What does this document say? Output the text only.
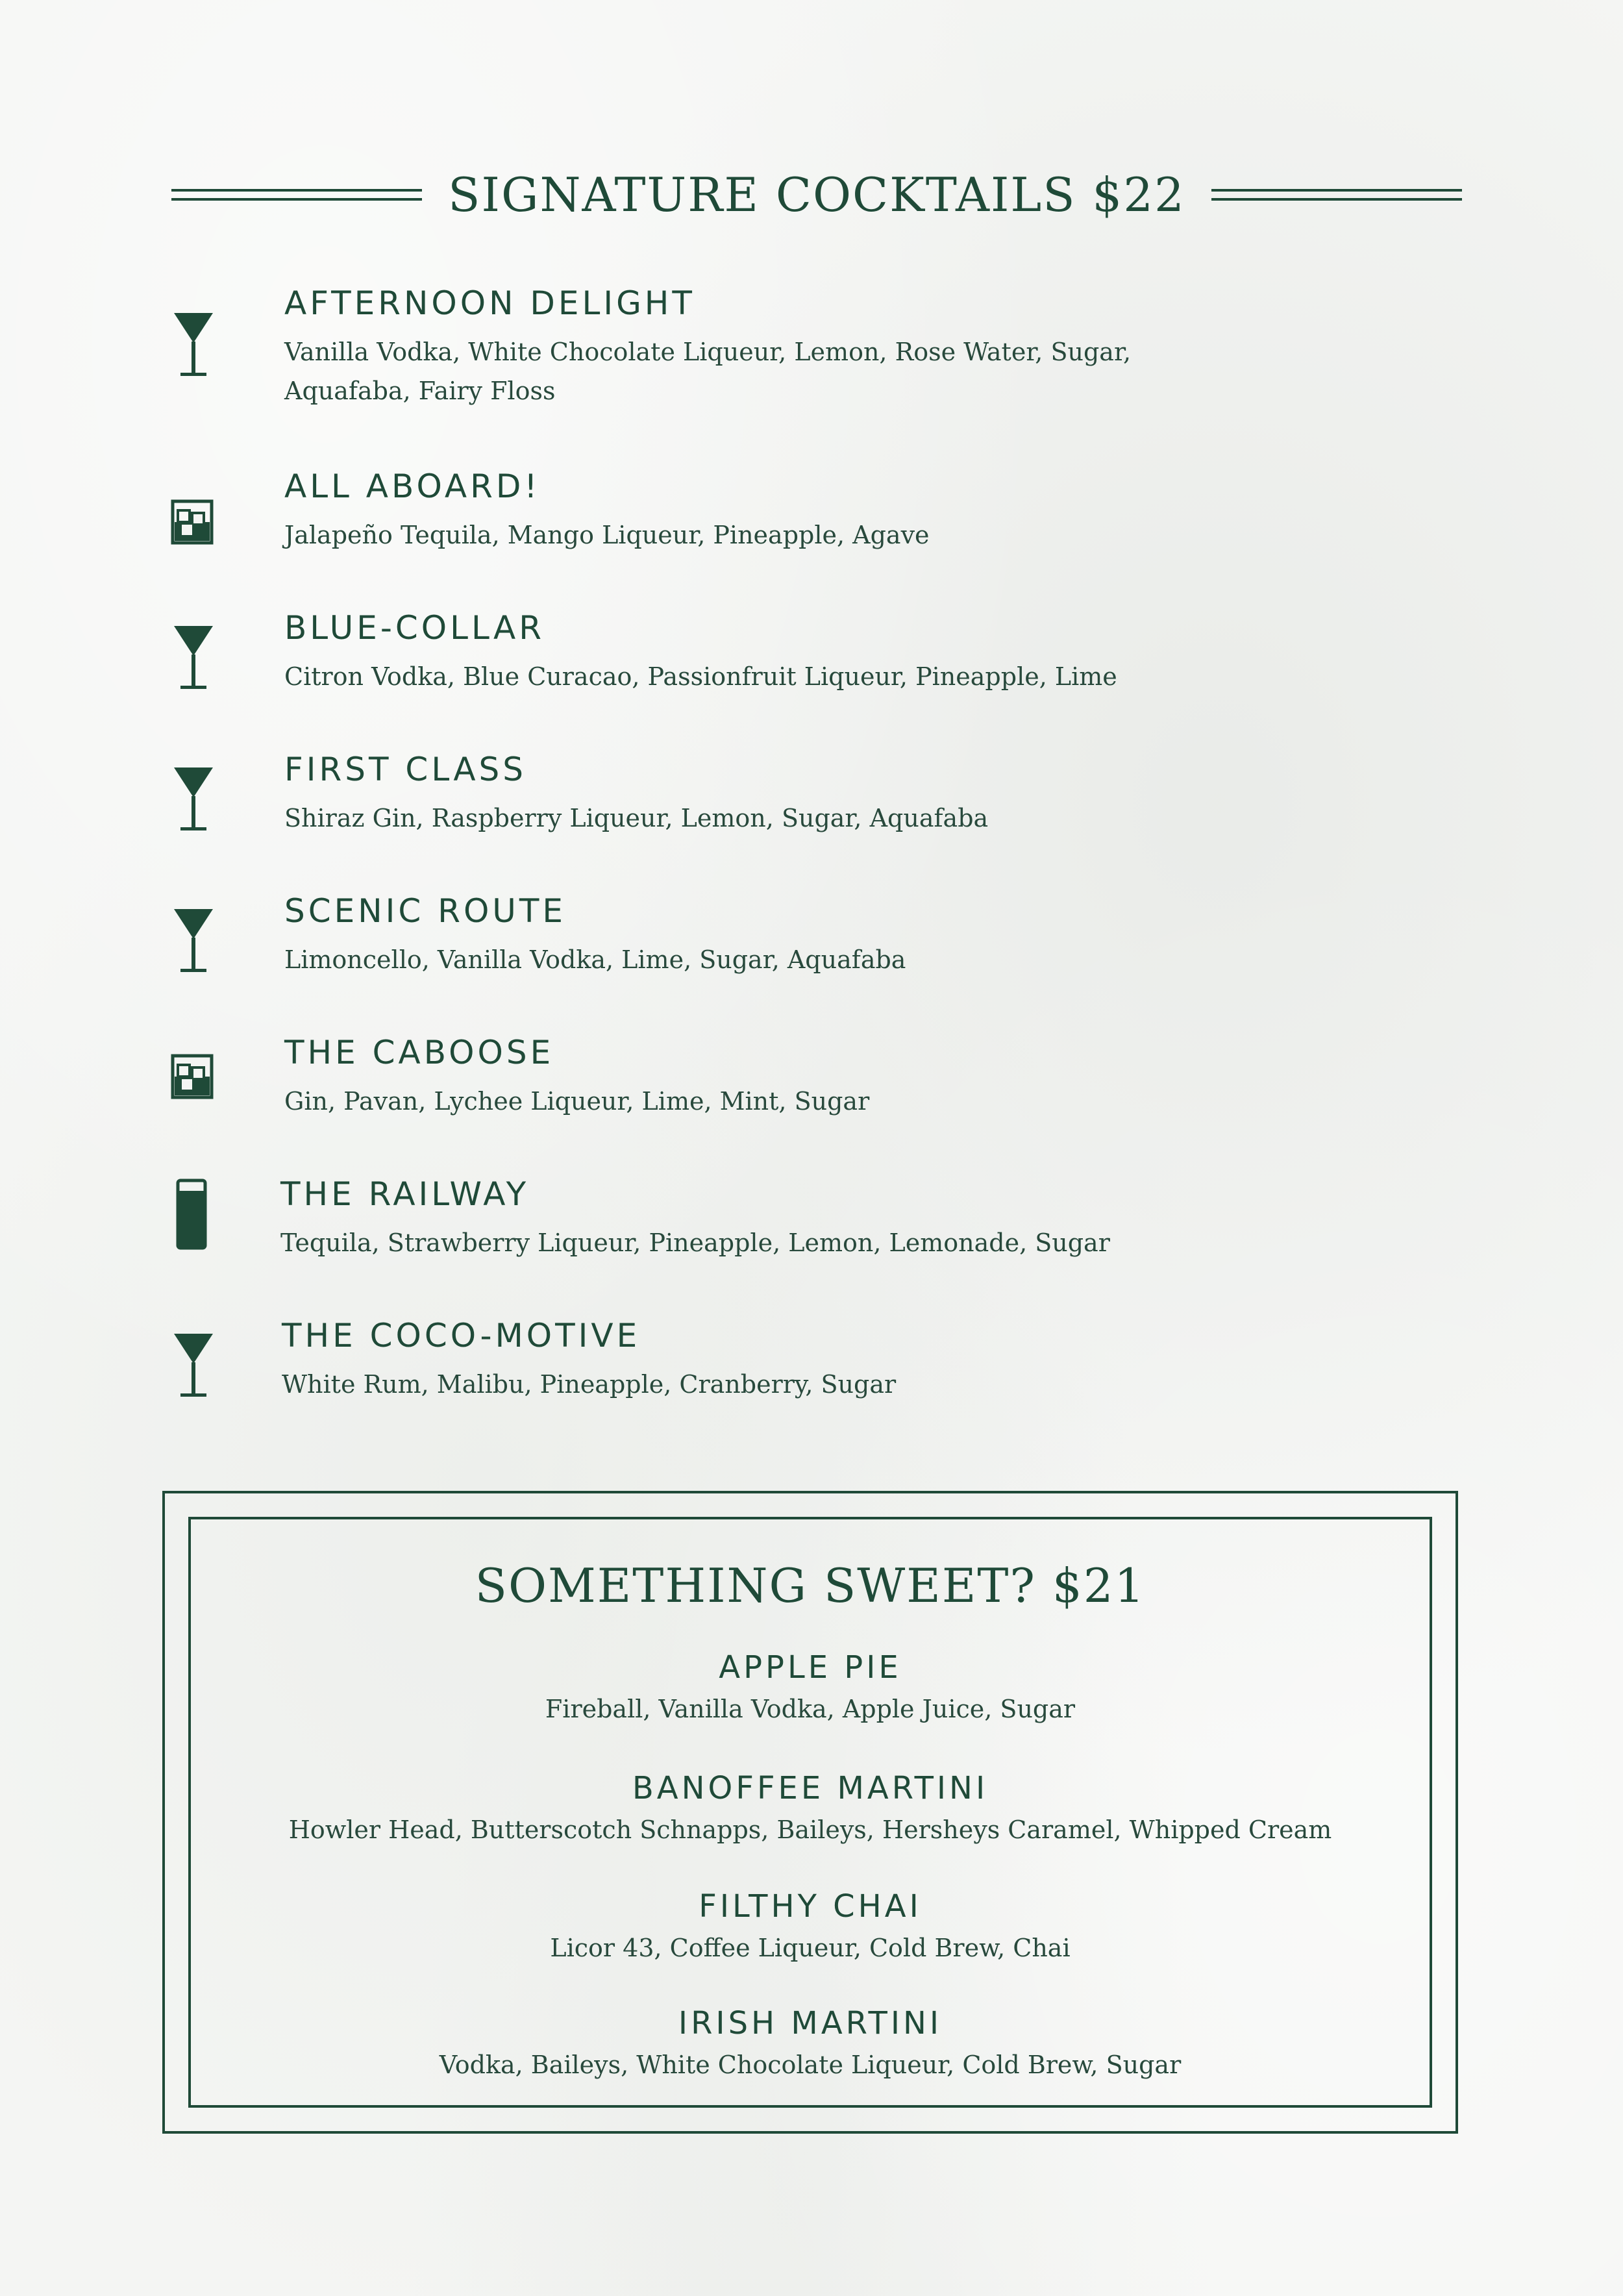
SIGNATURE COCKTAILS $22
AFTERNOON DELIGHT
Vanilla Vodka, White Chocolate Liqueur, Lemon, Rose Water, Sugar, Aquafaba, Fairy Floss
ALL ABOARD!
Jalapeño Tequila, Mango Liqueur, Pineapple, Agave
BLUE-COLLAR
Citron Vodka, Blue Curacao, Passionfruit Liqueur, Pineapple, Lime
FIRST CLASS
Shiraz Gin, Raspberry Liqueur, Lemon, Sugar, Aquafaba
SCENIC ROUTE
Limoncello, Vanilla Vodka, Lime, Sugar, Aquafaba
THE CABOOSE
Gin, Pavan, Lychee Liqueur, Lime, Mint, Sugar
THE RAILWAY
Tequila, Strawberry Liqueur, Pineapple, Lemon, Lemonade, Sugar
THE COCO-MOTIVE
White Rum, Malibu, Pineapple, Cranberry, Sugar
SOMETHING SWEET? $21
APPLE PIE
Fireball, Vanilla Vodka, Apple Juice, Sugar
BANOFFEE MARTINI
Howler Head, Butterscotch Schnapps, Baileys, Hersheys Caramel, Whipped Cream
FILTHY CHAI
Licor 43, Coffee Liqueur, Cold Brew, Chai
IRISH MARTINI
Vodka, Baileys, White Chocolate Liqueur, Cold Brew, Sugar
